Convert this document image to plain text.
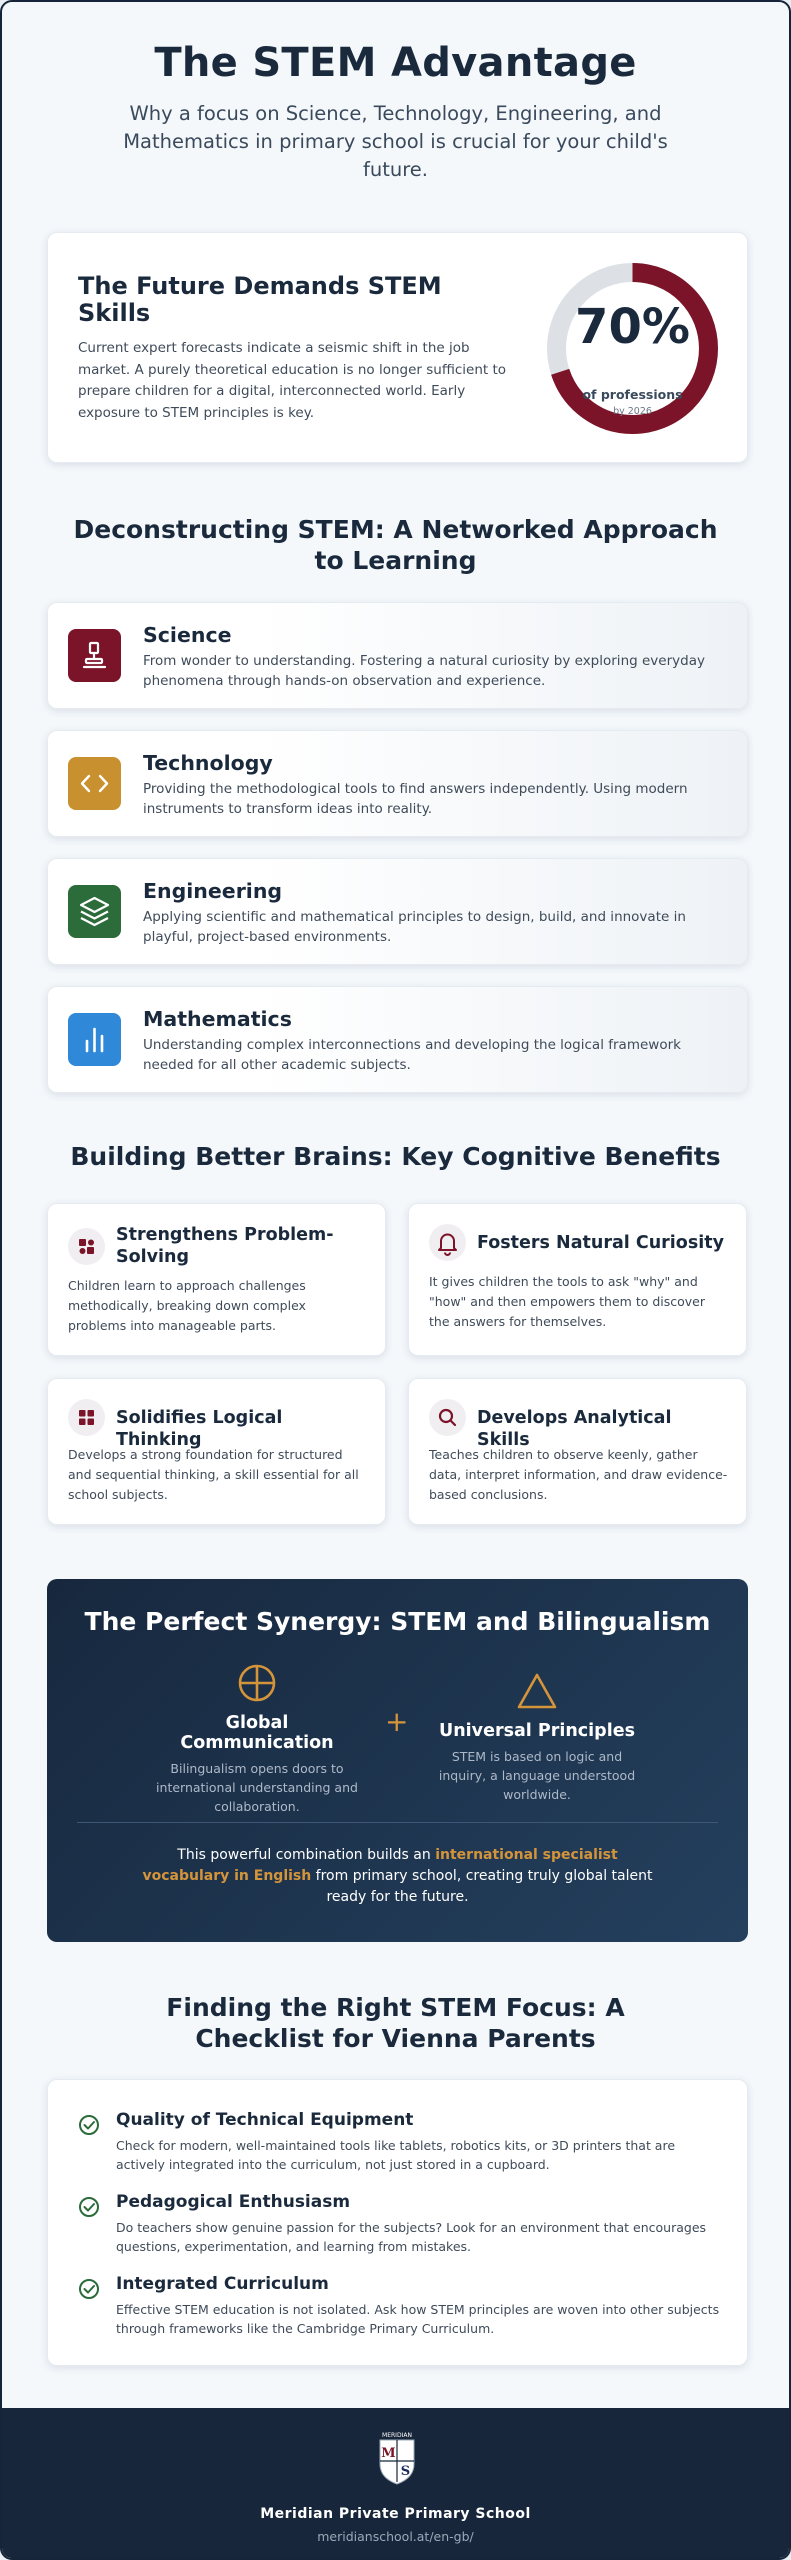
The STEM Advantage

Why a focus on Science, Technology, Engineering, and Mathematics in primary school is crucial for your child's future.

The Future Demands STEM Skills

Current expert forecasts indicate a seismic shift in the job market. A purely theoretical education is no longer sufficient to prepare children for a digital, interconnected world. Early exposure to STEM principles is key.

70%
of professions
by 2026
Deconstructing STEM: A Networked Approach to Learning
Science

From wonder to understanding. Fostering a natural curiosity by exploring everyday phenomena through hands-on observation and experience.

Technology

Providing the methodological tools to find answers independently. Using modern instruments to transform ideas into reality.

Engineering

Applying scientific and mathematical principles to design, build, and innovate in playful, project-based environments.

Mathematics

Understanding complex interconnections and developing the logical framework needed for all other academic subjects.

Building Better Brains: Key Cognitive Benefits
Strengthens Problem-Solving

Children learn to approach challenges methodically, breaking down complex problems into manageable parts.

Fosters Natural Curiosity

It gives children the tools to ask "why" and "how" and then empowers them to discover the answers for themselves.

Solidifies Logical Thinking

Develops a strong foundation for structured and sequential thinking, a skill essential for all school subjects.

Develops Analytical Skills

Teaches children to observe keenly, gather data, interpret information, and draw evidence-based conclusions.

The Perfect Synergy: STEM and Bilingualism
Global Communication

Bilingualism opens doors to international understanding and collaboration.

+	Universal Principles

STEM is based on logic and inquiry, a language understood worldwide.

This powerful combination builds an international specialist vocabulary in English from primary school, creating truly global talent ready for the future.
Finding the Right STEM Focus: A Checklist for Vienna Parents
Quality of Technical Equipment

Check for modern, well-maintained tools like tablets, robotics kits, or 3D printers that are actively integrated into the curriculum, not just stored in a cupboard.

Pedagogical Enthusiasm

Do teachers show genuine passion for the subjects? Look for an environment that encourages questions, experimentation, and learning from mistakes.

Integrated Curriculum

Effective STEM education is not isolated. Ask how STEM principles are woven into other subjects through frameworks like the Cambridge Primary Curriculum.

MERIDIAN
M
S
Meridian Private Primary School
meridianschool.at/en-gb/
